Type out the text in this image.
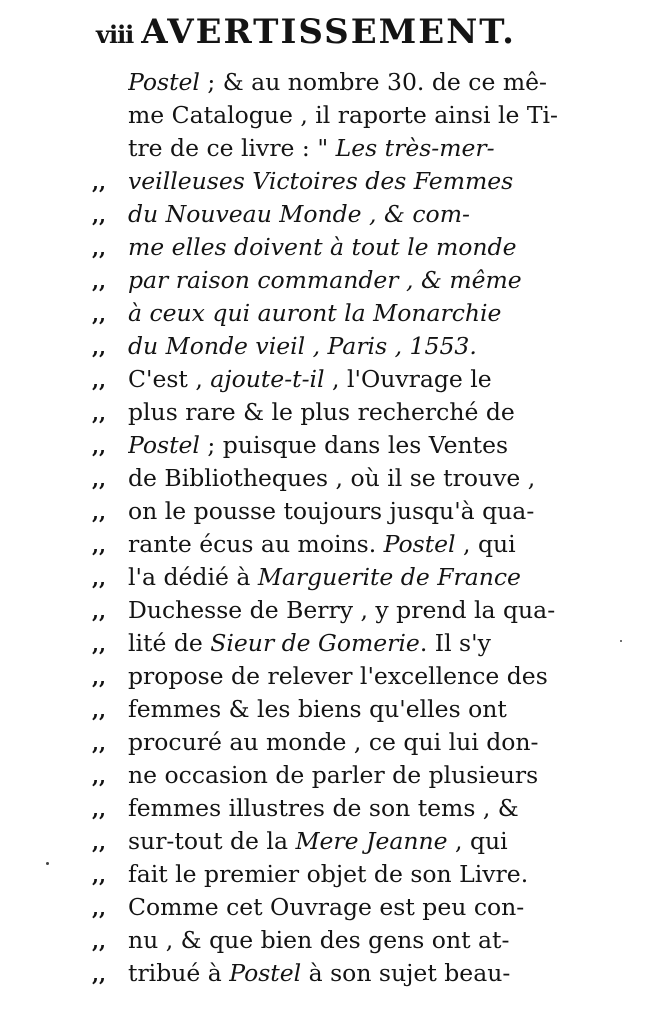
viii AVERTISSEMENT.
Postel ; & au nombre 30. de ce mê-
me Catalogue , il raporte ainsi le Ti-
tre de ce livre : " Les très-mer-
,, veilleuses Victoires des Femmes
,, du Nouveau Monde , & com-
,, me elles doivent à tout le monde
,, par raison commander , & même
,, à ceux qui auront la Monarchie
,, du Monde vieil , Paris , 1553.
,, C'est , ajoute-t-il , l'Ouvrage le
,, plus rare & le plus recherché de
,, Postel ; puisque dans les Ventes
,, de Bibliotheques , où il se trouve ,
,, on le pousse toujours jusqu'à qua-
,, rante écus au moins. Postel , qui
,, l'a dédié à Marguerite de France
,, Duchesse de Berry , y prend la qua-
,, lité de Sieur de Gomerie. Il s'y
,, propose de relever l'excellence des
,, femmes & les biens qu'elles ont
,, procuré au monde , ce qui lui don-
,, ne occasion de parler de plusieurs
,, femmes illustres de son tems , &
,, sur-tout de la Mere Jeanne , qui
,, fait le premier objet de son Livre.
,, Comme cet Ouvrage est peu con-
,, nu , & que bien des gens ont at-
,, tribué à Postel à son sujet beau-
